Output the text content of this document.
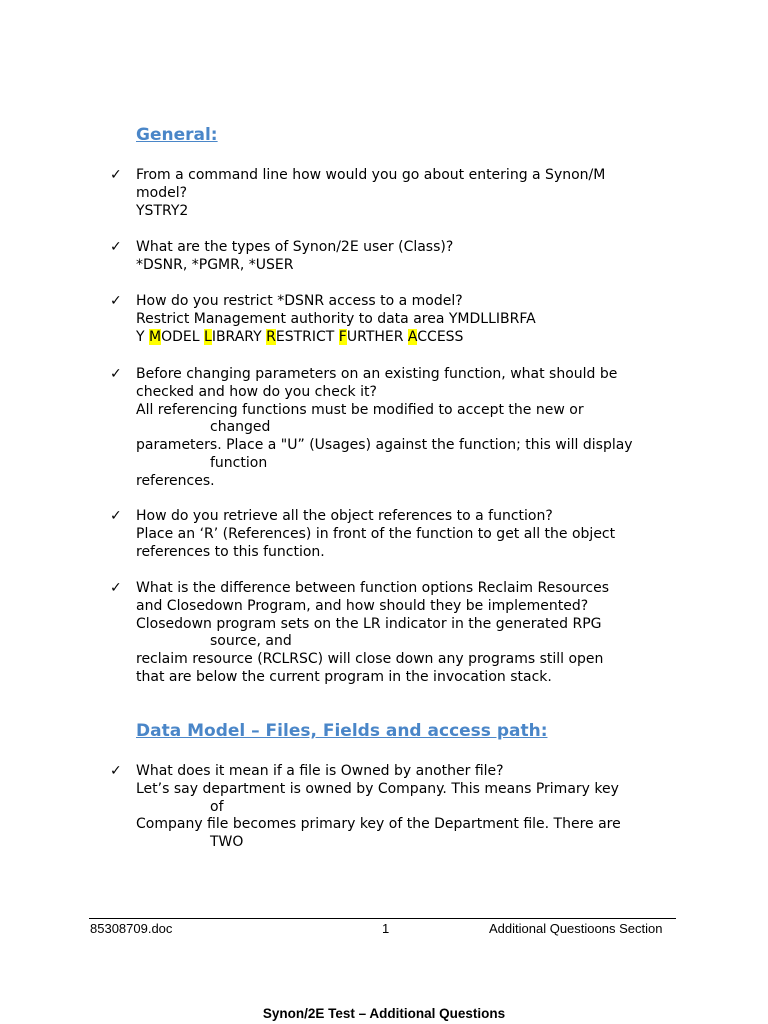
General:
✓	From a command line how would you go about entering a Synon/M
model?
YSTRY2
✓	What are the types of Synon/2E user (Class)?
*DSNR, *PGMR, *USER
✓	How do you restrict *DSNR access to a model?
Restrict Management authority to data area YMDLLIBRFA
Y MODEL LIBRARY RESTRICT FURTHER ACCESS
✓	Before changing parameters on an existing function, what should be
checked and how do you check it?
All referencing functions must be modified to accept the new or
changed
parameters. Place a "U” (Usages) against the function; this will display
function
references.
✓	How do you retrieve all the object references to a function?
Place an ‘R’ (References) in front of the function to get all the object
references to this function.
✓	What is the difference between function options Reclaim Resources
and Closedown Program, and how should they be implemented?
Closedown program sets on the LR indicator in the generated RPG
source, and
reclaim resource (RCLRSC) will close down any programs still open
that are below the current program in the invocation stack.
Data Model – Files, Fields and access path:
✓	What does it mean if a file is Owned by another file?
Let’s say department is owned by Company. This means Primary key
of
Company file becomes primary key of the Department file. There are
TWO
85308709.doc	1	Additional Questioons Section
Synon/2E Test – Additional Questions
